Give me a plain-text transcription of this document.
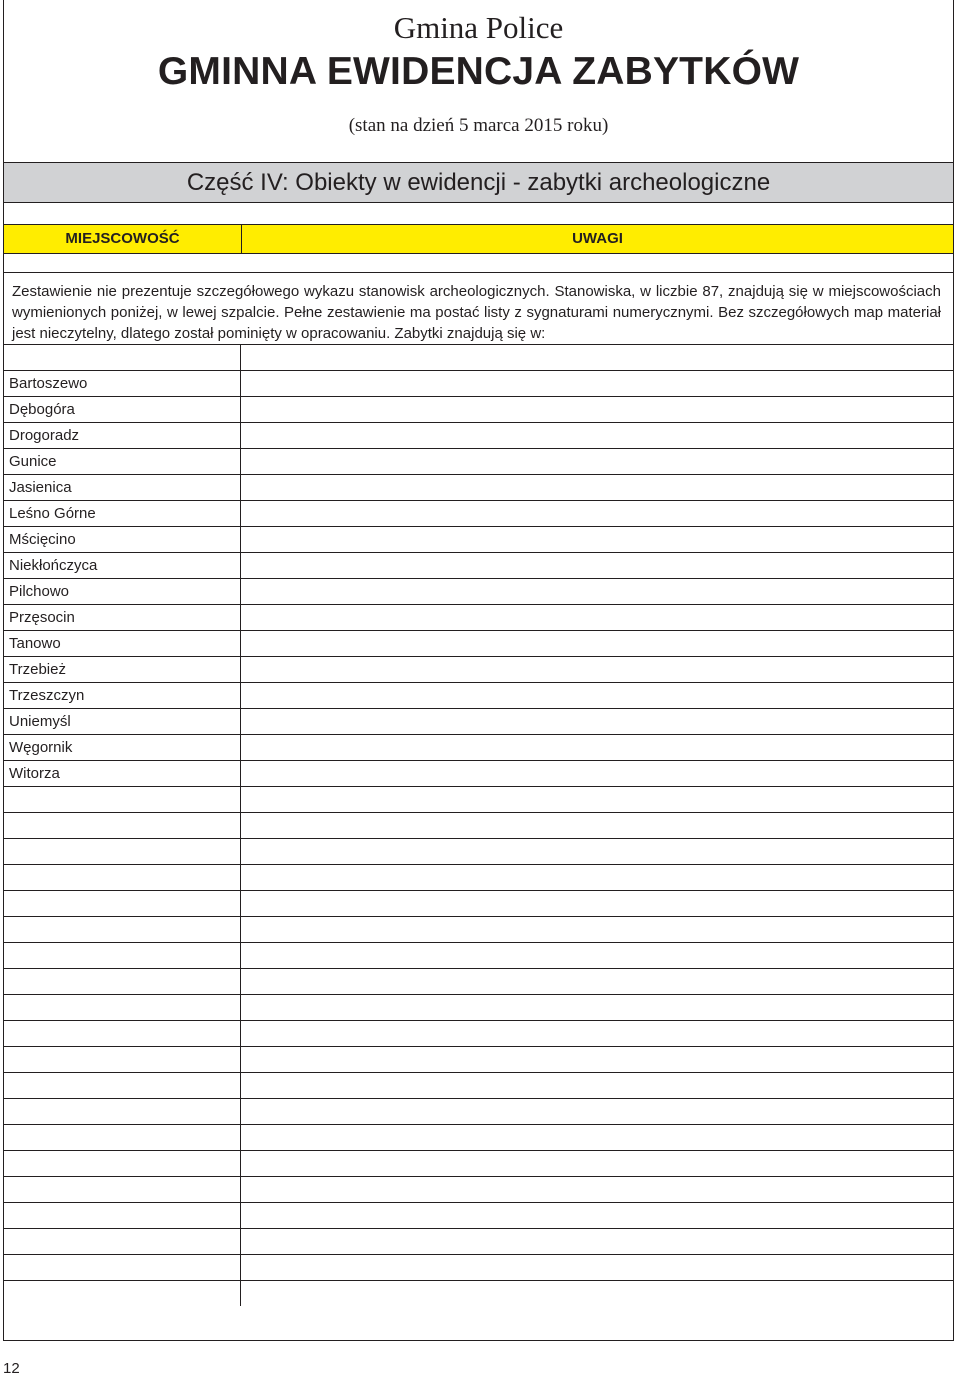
Gmina Police
GMINNA EWIDENCJA ZABYTKÓW
(stan na dzień 5 marca 2015 roku)
Część IV: Obiekty w ewidencji - zabytki archeologiczne
MIEJSCOWOŚĆ	UWAGI
Zestawienie nie prezentuje szczegółowego wykazu stanowisk archeologicznych. Stanowiska, w liczbie 87, znajdują się w miejscowościach wymienionych poniżej, w lewej szpalcie. Pełne zestawienie ma postać listy z sygnaturami numerycznymi. Bez szczegółowych map materiał jest nieczytelny, dlatego został pominięty w opracowaniu. Zabytki znajdują się w:
Bartoszewo
Dębogóra
Drogoradz
Gunice
Jasienica
Leśno Górne
Mścięcino
Niekłończyca
Pilchowo
Przęsocin
Tanowo
Trzebież
Trzeszczyn
Uniemyśl
Węgornik
Witorza
12
